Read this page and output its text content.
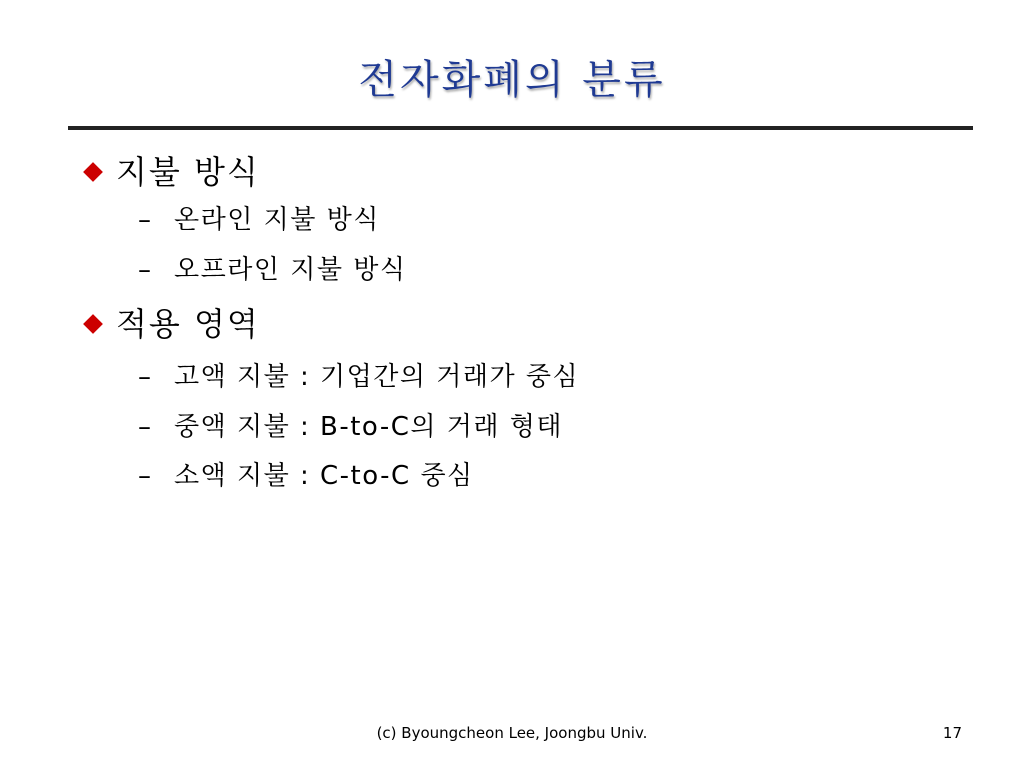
전자화폐의 분류
지불 방식
– 온라인 지불 방식
– 오프라인 지불 방식
적용 영역
– 고액 지불 : 기업간의 거래가 중심
– 중액 지불 : B-to-C의 거래 형태
– 소액 지불 : C-to-C 중심
(c) Byoungcheon Lee, Joongbu Univ.	17
